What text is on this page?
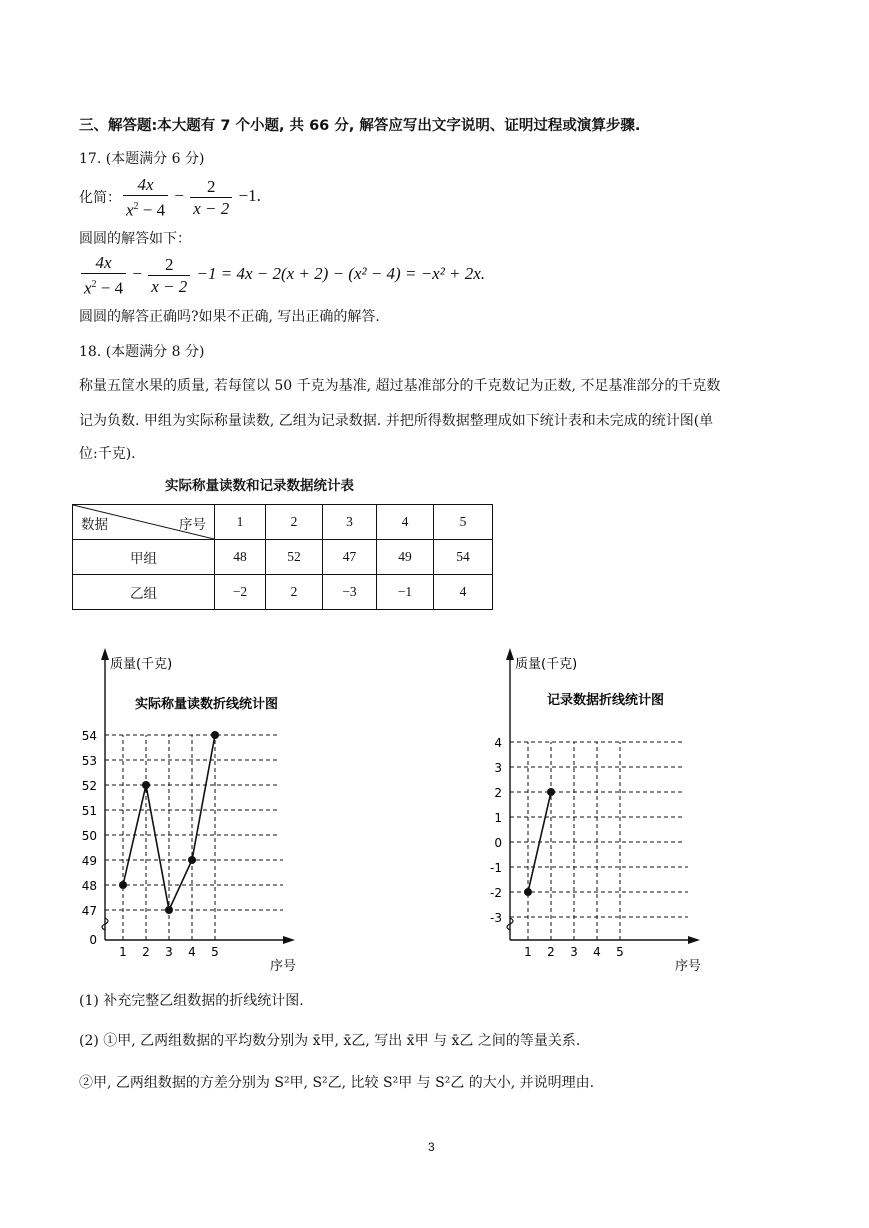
三、解答题:本大题有 7 个小题, 共 66 分, 解答应写出文字说明、证明过程或演算步骤.
17. (本题满分 6 分)
化简： $\frac{4x}{x^2 - 4} - \frac{2}{x - 2} -1$.
圆圆的解答如下：
$\frac{4x}{x^2 - 4} - \frac{2}{x - 2} -1 = 4x - 2(x + 2) - (x^2 - 4) = -x^2 + 2x$.
圆圆的解答正确吗?如果不正确, 写出正确的解答.
18. (本题满分 8 分)
称量五筐水果的质量, 若每筐以 50 千克为基准, 超过基准部分的千克数记为正数, 不足基准部分的千克数
记为负数. 甲组为实际称量读数, 乙组为记录数据. 并把所得数据整理成如下统计表和未完成的统计图(单
位:千克).
实际称量读数和记录数据统计表
数据 序号	1	2	3	4	5
甲组	48	52	47	49	54
乙组	−2	2	−3	−1	4
质量(千克)
实际称量读数折线统计图
序号
47
48
49
50
51
52
53
54
0
1 2 3 4 5
质量(千克)
记录数据折线统计图
序号
-3
-2
-1
0
1
2
3
4
1 2 3 4 5
(1) 补充完整乙组数据的折线统计图.
(2) ①甲, 乙两组数据的平均数分别为 x̄甲, x̄乙, 写出 x̄甲 与 x̄乙 之间的等量关系.
②甲, 乙两组数据的方差分别为 S²甲, S²乙, 比较 S²甲 与 S²乙 的大小, 并说明理由.
3
